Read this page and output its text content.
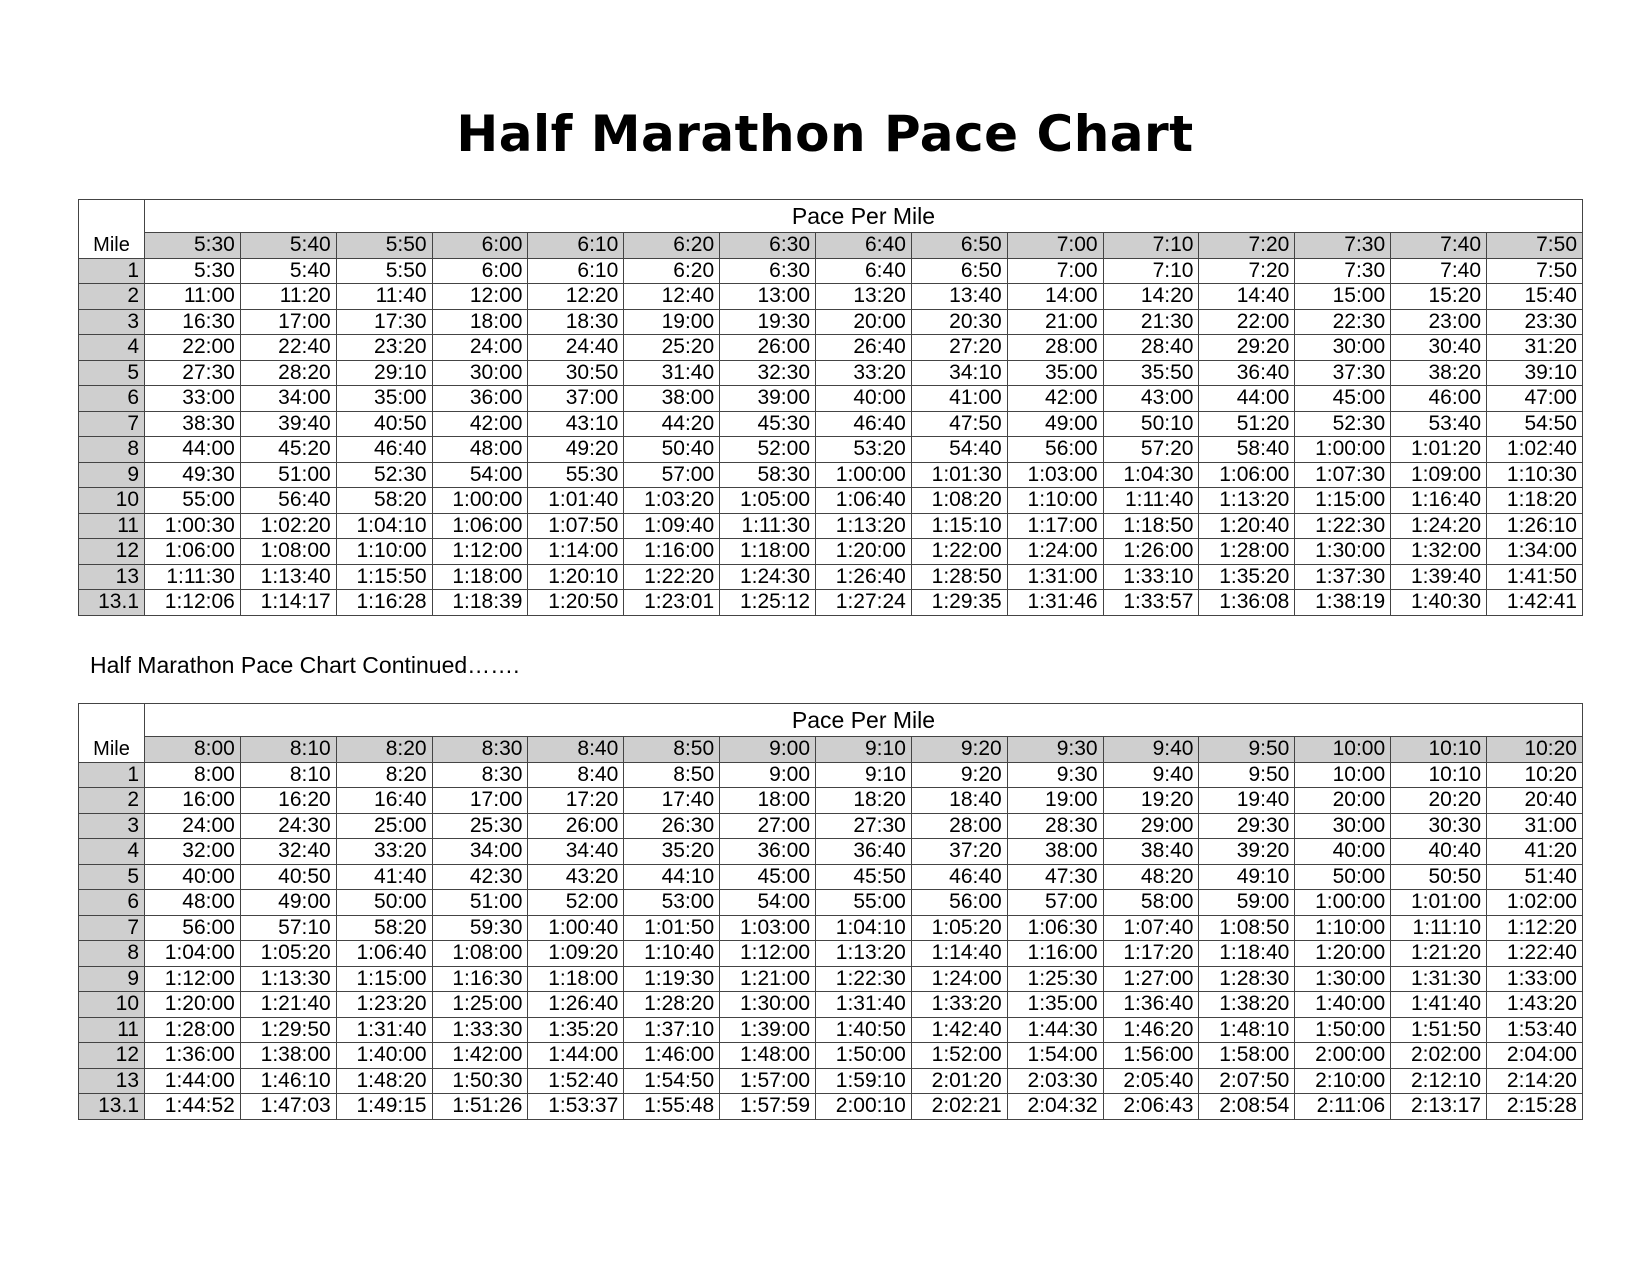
Half Marathon Pace Chart
	Pace Per Mile														
Mile	5:30	5:40	5:50	6:00	6:10	6:20	6:30	6:40	6:50	7:00	7:10	7:20	7:30	7:40	7:50
1	5:30	5:40	5:50	6:00	6:10	6:20	6:30	6:40	6:50	7:00	7:10	7:20	7:30	7:40	7:50
2	11:00	11:20	11:40	12:00	12:20	12:40	13:00	13:20	13:40	14:00	14:20	14:40	15:00	15:20	15:40
3	16:30	17:00	17:30	18:00	18:30	19:00	19:30	20:00	20:30	21:00	21:30	22:00	22:30	23:00	23:30
4	22:00	22:40	23:20	24:00	24:40	25:20	26:00	26:40	27:20	28:00	28:40	29:20	30:00	30:40	31:20
5	27:30	28:20	29:10	30:00	30:50	31:40	32:30	33:20	34:10	35:00	35:50	36:40	37:30	38:20	39:10
6	33:00	34:00	35:00	36:00	37:00	38:00	39:00	40:00	41:00	42:00	43:00	44:00	45:00	46:00	47:00
7	38:30	39:40	40:50	42:00	43:10	44:20	45:30	46:40	47:50	49:00	50:10	51:20	52:30	53:40	54:50
8	44:00	45:20	46:40	48:00	49:20	50:40	52:00	53:20	54:40	56:00	57:20	58:40	1:00:00	1:01:20	1:02:40
9	49:30	51:00	52:30	54:00	55:30	57:00	58:30	1:00:00	1:01:30	1:03:00	1:04:30	1:06:00	1:07:30	1:09:00	1:10:30
10	55:00	56:40	58:20	1:00:00	1:01:40	1:03:20	1:05:00	1:06:40	1:08:20	1:10:00	1:11:40	1:13:20	1:15:00	1:16:40	1:18:20
11	1:00:30	1:02:20	1:04:10	1:06:00	1:07:50	1:09:40	1:11:30	1:13:20	1:15:10	1:17:00	1:18:50	1:20:40	1:22:30	1:24:20	1:26:10
12	1:06:00	1:08:00	1:10:00	1:12:00	1:14:00	1:16:00	1:18:00	1:20:00	1:22:00	1:24:00	1:26:00	1:28:00	1:30:00	1:32:00	1:34:00
13	1:11:30	1:13:40	1:15:50	1:18:00	1:20:10	1:22:20	1:24:30	1:26:40	1:28:50	1:31:00	1:33:10	1:35:20	1:37:30	1:39:40	1:41:50
13.1	1:12:06	1:14:17	1:16:28	1:18:39	1:20:50	1:23:01	1:25:12	1:27:24	1:29:35	1:31:46	1:33:57	1:36:08	1:38:19	1:40:30	1:42:41
Half Marathon Pace Chart Continued…….
	Pace Per Mile														
Mile	8:00	8:10	8:20	8:30	8:40	8:50	9:00	9:10	9:20	9:30	9:40	9:50	10:00	10:10	10:20
1	8:00	8:10	8:20	8:30	8:40	8:50	9:00	9:10	9:20	9:30	9:40	9:50	10:00	10:10	10:20
2	16:00	16:20	16:40	17:00	17:20	17:40	18:00	18:20	18:40	19:00	19:20	19:40	20:00	20:20	20:40
3	24:00	24:30	25:00	25:30	26:00	26:30	27:00	27:30	28:00	28:30	29:00	29:30	30:00	30:30	31:00
4	32:00	32:40	33:20	34:00	34:40	35:20	36:00	36:40	37:20	38:00	38:40	39:20	40:00	40:40	41:20
5	40:00	40:50	41:40	42:30	43:20	44:10	45:00	45:50	46:40	47:30	48:20	49:10	50:00	50:50	51:40
6	48:00	49:00	50:00	51:00	52:00	53:00	54:00	55:00	56:00	57:00	58:00	59:00	1:00:00	1:01:00	1:02:00
7	56:00	57:10	58:20	59:30	1:00:40	1:01:50	1:03:00	1:04:10	1:05:20	1:06:30	1:07:40	1:08:50	1:10:00	1:11:10	1:12:20
8	1:04:00	1:05:20	1:06:40	1:08:00	1:09:20	1:10:40	1:12:00	1:13:20	1:14:40	1:16:00	1:17:20	1:18:40	1:20:00	1:21:20	1:22:40
9	1:12:00	1:13:30	1:15:00	1:16:30	1:18:00	1:19:30	1:21:00	1:22:30	1:24:00	1:25:30	1:27:00	1:28:30	1:30:00	1:31:30	1:33:00
10	1:20:00	1:21:40	1:23:20	1:25:00	1:26:40	1:28:20	1:30:00	1:31:40	1:33:20	1:35:00	1:36:40	1:38:20	1:40:00	1:41:40	1:43:20
11	1:28:00	1:29:50	1:31:40	1:33:30	1:35:20	1:37:10	1:39:00	1:40:50	1:42:40	1:44:30	1:46:20	1:48:10	1:50:00	1:51:50	1:53:40
12	1:36:00	1:38:00	1:40:00	1:42:00	1:44:00	1:46:00	1:48:00	1:50:00	1:52:00	1:54:00	1:56:00	1:58:00	2:00:00	2:02:00	2:04:00
13	1:44:00	1:46:10	1:48:20	1:50:30	1:52:40	1:54:50	1:57:00	1:59:10	2:01:20	2:03:30	2:05:40	2:07:50	2:10:00	2:12:10	2:14:20
13.1	1:44:52	1:47:03	1:49:15	1:51:26	1:53:37	1:55:48	1:57:59	2:00:10	2:02:21	2:04:32	2:06:43	2:08:54	2:11:06	2:13:17	2:15:28
